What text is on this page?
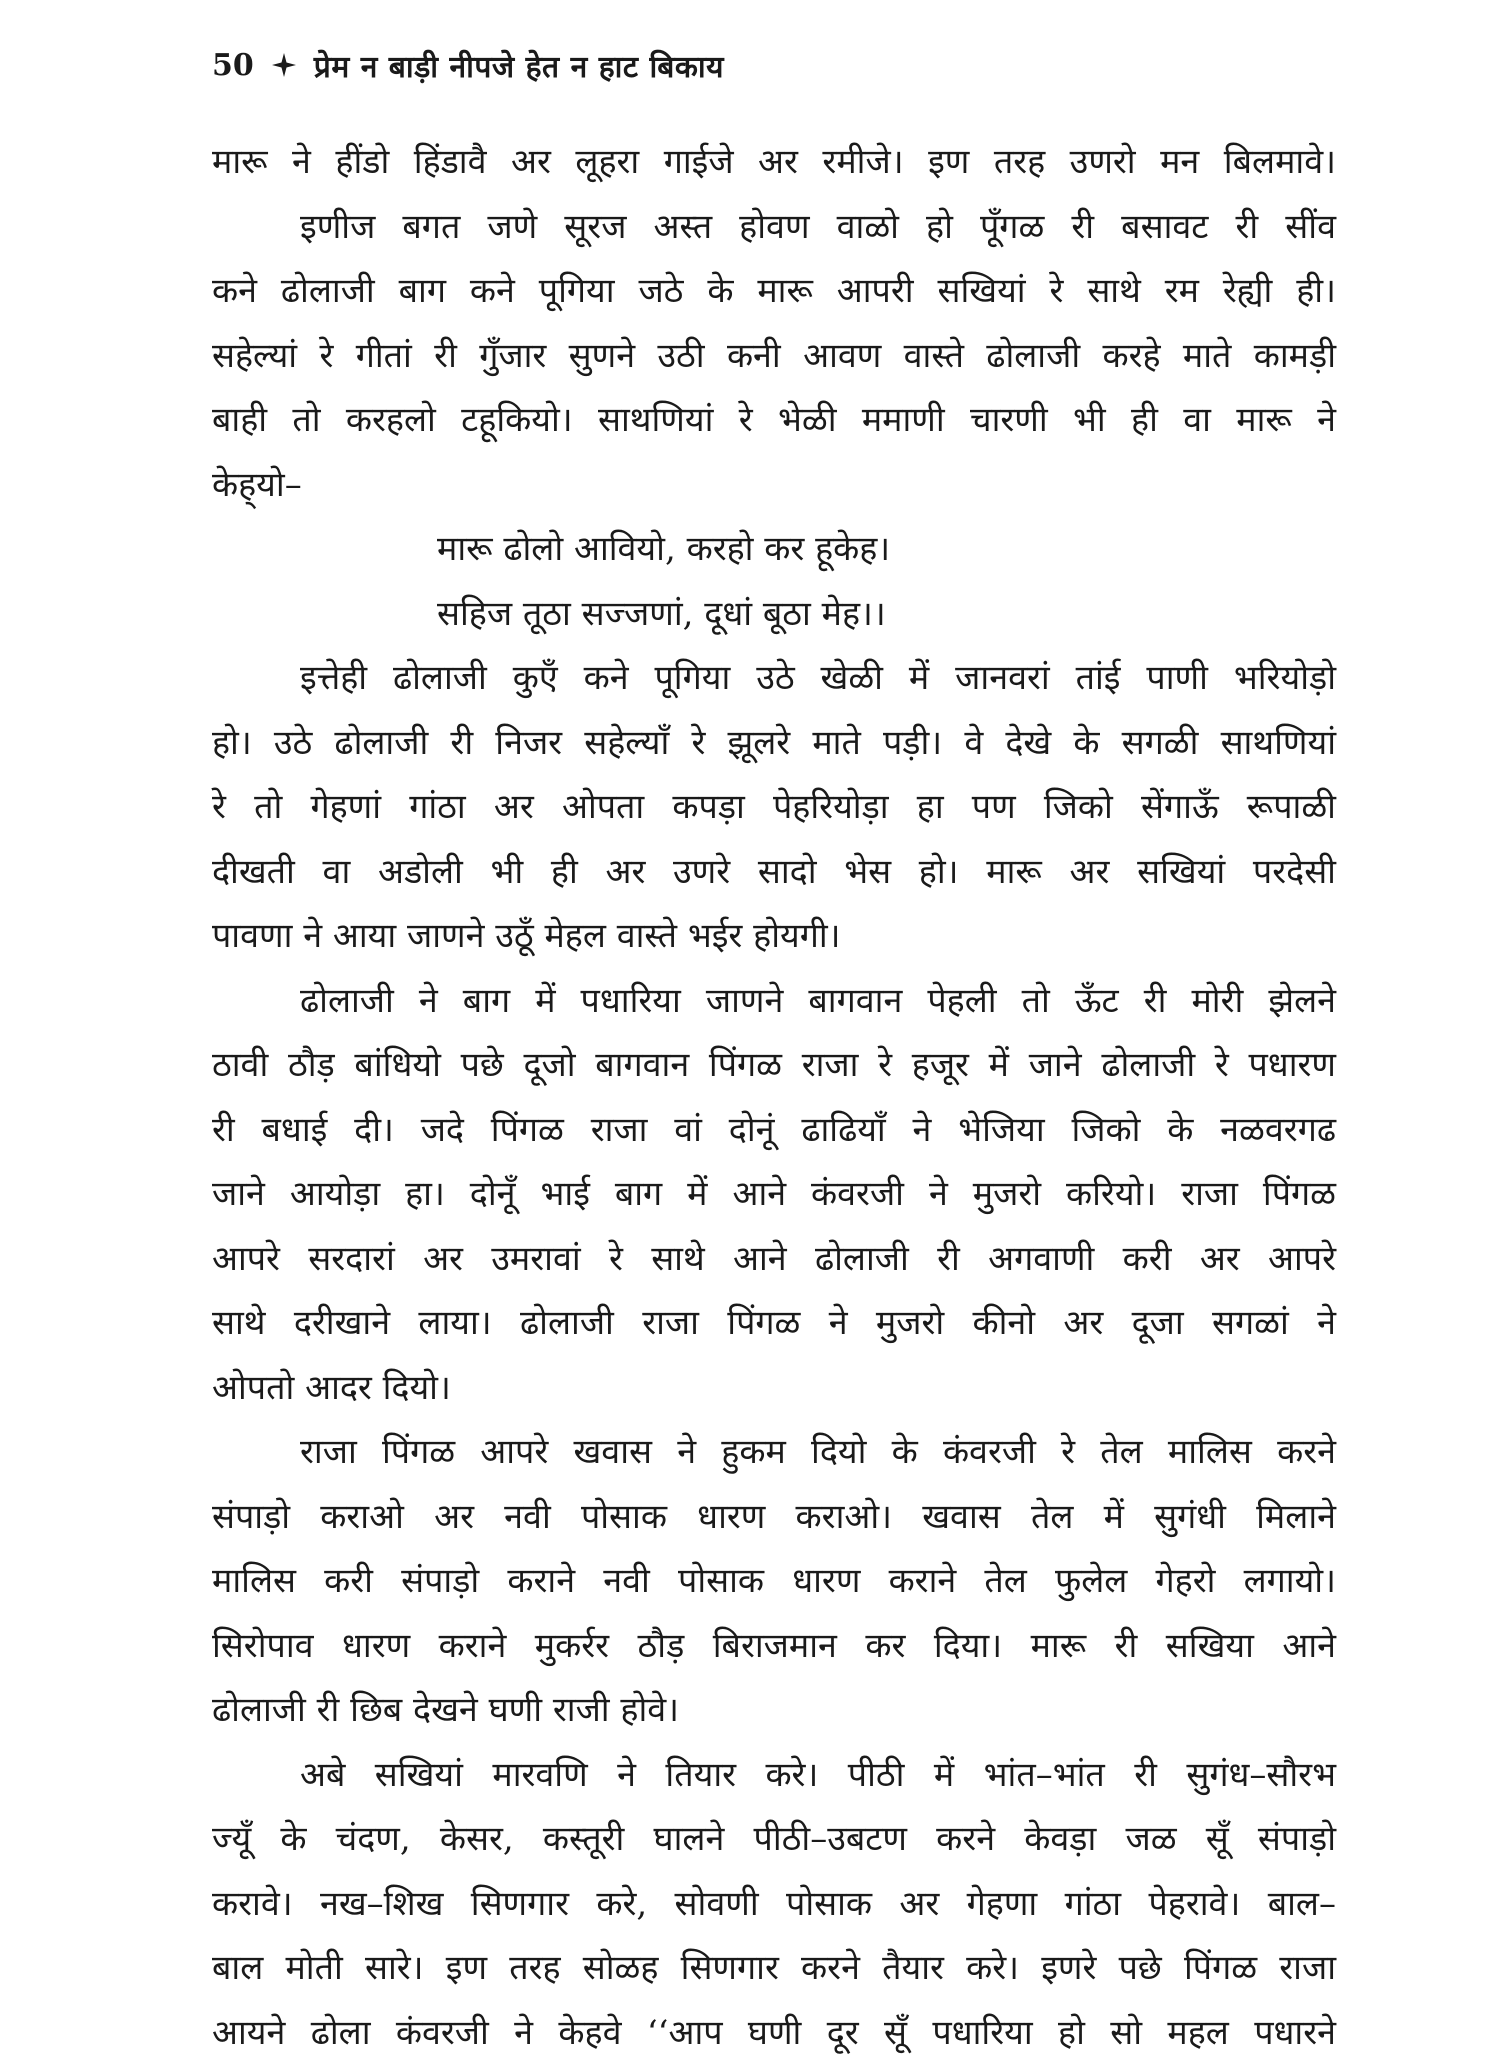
50 प्रेम न बाड़ी नीपजे हेत न हाट बिकाय
मारू ने हींडो हिंडावै अर लूहरा गाईजे अर रमीजे। इण तरह उणरो मन बिलमावे।
इणीज बगत जणे सूरज अस्त होवण वाळो हो पूँगळ री बसावट री सींव
कने ढोलाजी बाग कने पूगिया जठे के मारू आपरी सखियां रे साथे रम रेह्यी ही।
सहेल्यां रे गीतां री गुँजार सुणने उठी कनी आवण वास्ते ढोलाजी करहे माते कामड़ी
बाही तो करहलो टहूकियो। साथणियां रे भेळी ममाणी चारणी भी ही वा मारू ने
केह्‌यो–
मारू ढोलो आवियो, करहो कर हूकेह।
सहिज तूठा सज्जणां, दूधां बूठा मेह।।
इत्तेही ढोलाजी कुएँ कने पूगिया उठे खेळी में जानवरां तांई पाणी भरियोड़ो
हो। उठे ढोलाजी री निजर सहेल्याँ रे झूलरे माते पड़ी। वे देखे के सगळी साथणियां
रे तो गेहणां गांठा अर ओपता कपड़ा पेहरियोड़ा हा पण जिको सेंगाऊँ रूपाळी
दीखती वा अडोली भी ही अर उणरे सादो भेस हो। मारू अर सखियां परदेसी
पावणा ने आया जाणने उठूँ मेहल वास्ते भईर होयगी।
ढोलाजी ने बाग में पधारिया जाणने बागवान पेहली तो ऊँट री मोरी झेलने
ठावी ठौड़ बांधियो पछे दूजो बागवान पिंगळ राजा रे हजूर में जाने ढोलाजी रे पधारण
री बधाई दी। जदे पिंगळ राजा वां दोनूं ढाढियाँ ने भेजिया जिको के नळवरगढ
जाने आयोड़ा हा। दोनूँ भाई बाग में आने कंवरजी ने मुजरो करियो। राजा पिंगळ
आपरे सरदारां अर उमरावां रे साथे आने ढोलाजी री अगवाणी करी अर आपरे
साथे दरीखाने लाया। ढोलाजी राजा पिंगळ ने मुजरो कीनो अर दूजा सगळां ने
ओपतो आदर दियो।
राजा पिंगळ आपरे खवास ने हुकम दियो के कंवरजी रे तेल मालिस करने
संपाड़ो कराओ अर नवी पोसाक धारण कराओ। खवास तेल में सुगंधी मिलाने
मालिस करी संपाड़ो कराने नवी पोसाक धारण कराने तेल फुलेल गेहरो लगायो।
सिरोपाव धारण कराने मुकर्रर ठौड़ बिराजमान कर दिया। मारू री सखिया आने
ढोलाजी री छिब देखने घणी राजी होवे।
अबे सखियां मारवणि ने तियार करे। पीठी में भांत–भांत री सुगंध–सौरभ
ज्यूँ के चंदण, केसर, कस्तूरी घालने पीठी–उबटण करने केवड़ा जळ सूँ संपाड़ो
करावे। नख–शिख सिणगार करे, सोवणी पोसाक अर गेहणा गांठा पेहरावे। बाल–
बाल मोती सारे। इण तरह सोळह सिणगार करने तैयार करे। इणरे पछे पिंगळ राजा
आयने ढोला कंवरजी ने केहवे ‘‘आप घणी दूर सूँ पधारिया हो सो महल पधारने
